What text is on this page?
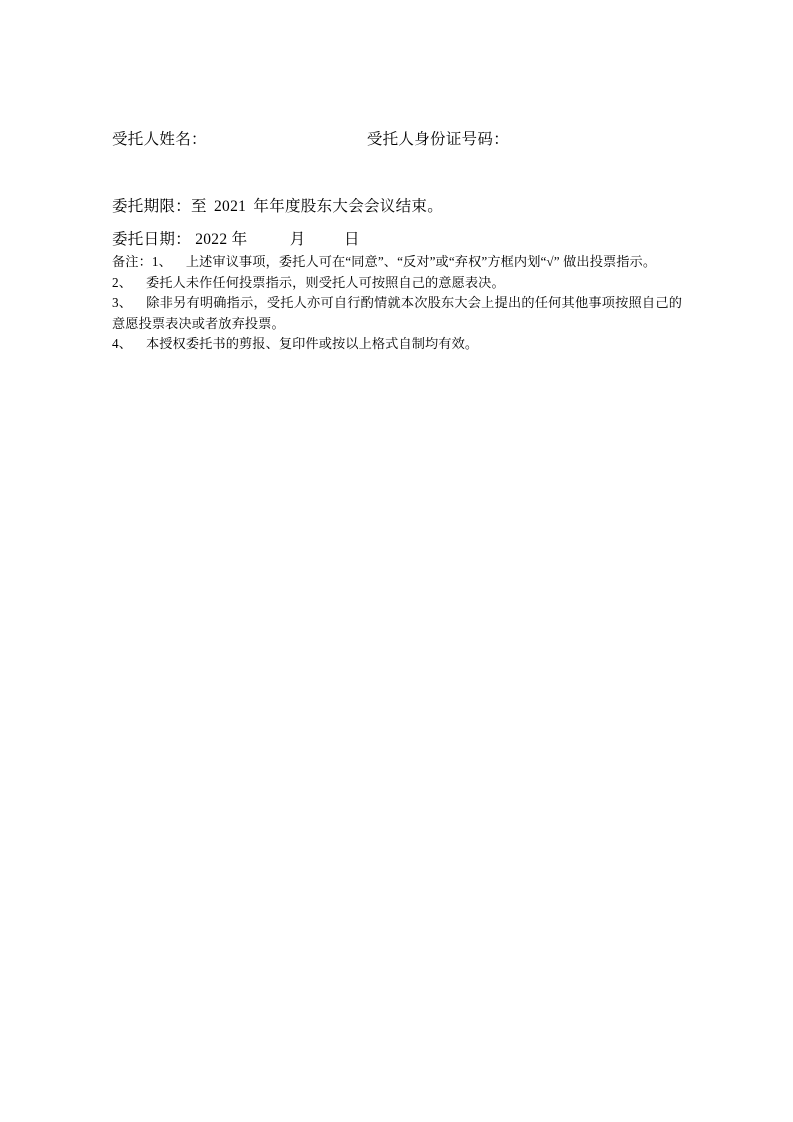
受托人姓名：	受托人身份证号码：
委托期限：至 2021 年年度股东大会会议结束。
委托日期： 2022 年	月 日
备注：1、 上述审议事项，委托人可在“同意”、“反对”或“弃权”方框内划“√” 做出投票指示。
2、 委托人未作任何投票指示，则受托人可按照自己的意愿表决。
3、 除非另有明确指示，受托人亦可自行酌情就本次股东大会上提出的任何其他事项按照自己的意愿投票表决或者放弃投票。
4、 本授权委托书的剪报、复印件或按以上格式自制均有效。
